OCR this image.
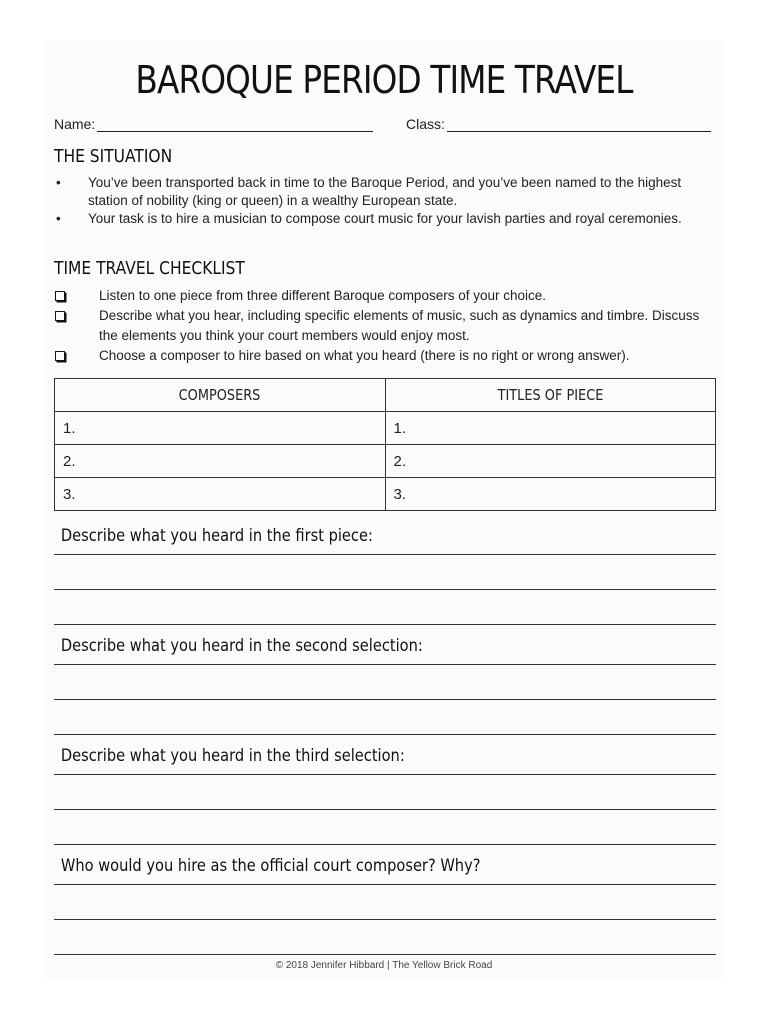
BAROQUE PERIOD TIME TRAVEL
Name:	Class:
THE SITUATION
• You’ve been transported back in time to the Baroque Period, and you’ve been named to the highest station of nobility (king or queen) in a wealthy European state.
• Your task is to hire a musician to compose court music for your lavish parties and royal ceremonies.
TIME TRAVEL CHECKLIST
Listen to one piece from three different Baroque composers of your choice.
Describe what you hear, including specific elements of music, such as dynamics and timbre. Discuss the elements you think your court members would enjoy most.
Choose a composer to hire based on what you heard (there is no right or wrong answer).
COMPOSERS	TITLES OF PIECE
1.	1.
2.	2.
3.	3.
Describe what you heard in the first piece:
Describe what you heard in the second selection:
Describe what you heard in the third selection:
Who would you hire as the official court composer? Why?
© 2018 Jennifer Hibbard | The Yellow Brick Road
